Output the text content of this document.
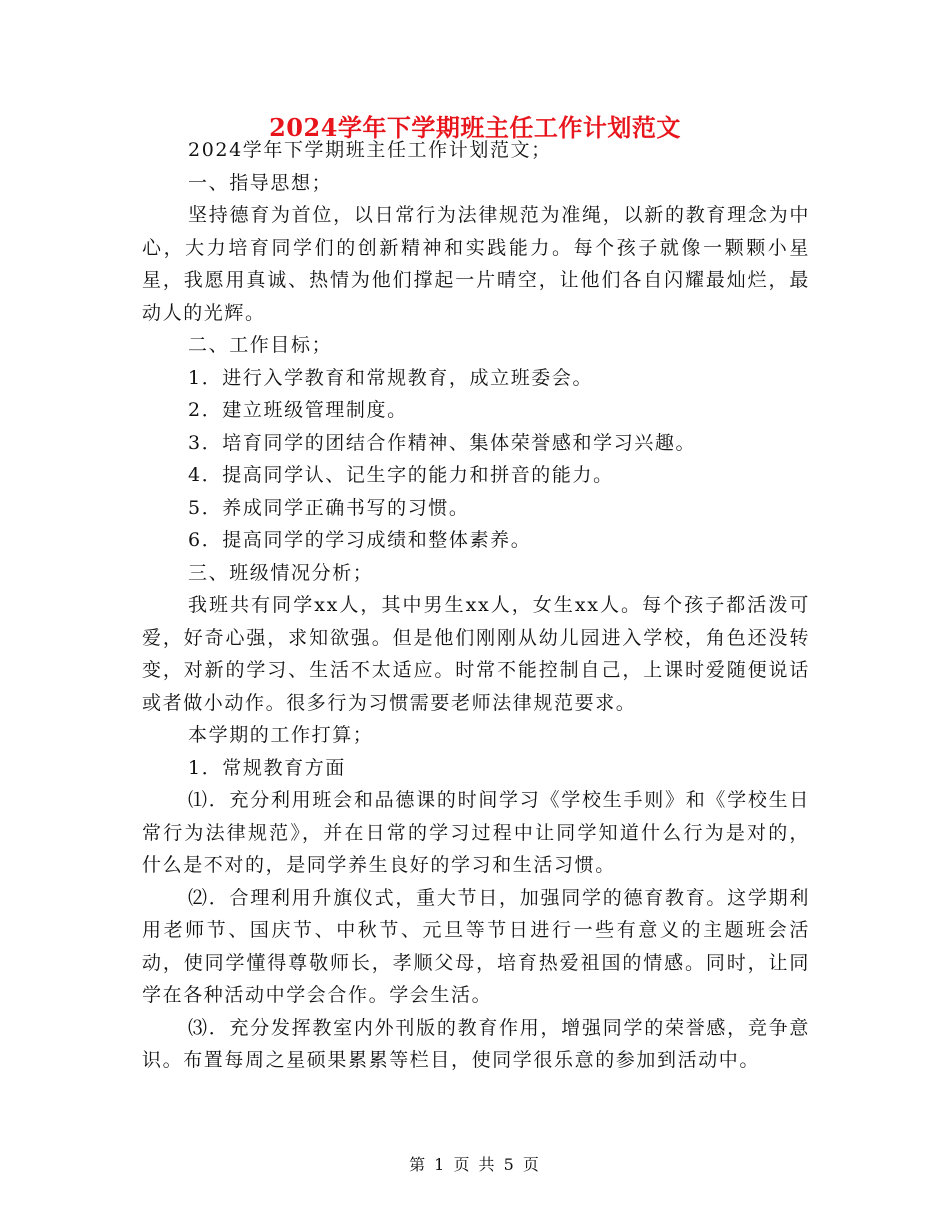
2024学年下学期班主任工作计划范文

2024学年下学期班主任工作计划范文；

一、指导思想；

坚持德育为首位，以日常行为法律规范为准绳，以新的教育理念为中心，大力培育同学们的创新精神和实践能力。每个孩子就像一颗颗小星星，我愿用真诚、热情为他们撑起一片晴空，让他们各自闪耀最灿烂，最动人的光辉。

二、工作目标；

1．进行入学教育和常规教育，成立班委会。

2．建立班级管理制度。

3．培育同学的团结合作精神、集体荣誉感和学习兴趣。

4．提高同学认、记生字的能力和拼音的能力。

5．养成同学正确书写的习惯。

6．提高同学的学习成绩和整体素养。

三、班级情况分析；

我班共有同学xx人，其中男生xx人，女生xx人。每个孩子都活泼可爱，好奇心强，求知欲强。但是他们刚刚从幼儿园进入学校，角色还没转变，对新的学习、生活不太适应。时常不能控制自己，上课时爱随便说话或者做小动作。很多行为习惯需要老师法律规范要求。

本学期的工作打算；

1．常规教育方面

⑴．充分利用班会和品德课的时间学习《学校生手则》和《学校生日常行为法律规范》，并在日常的学习过程中让同学知道什么行为是对的，什么是不对的，是同学养生良好的学习和生活习惯。

⑵．合理利用升旗仪式，重大节日，加强同学的德育教育。这学期利用老师节、国庆节、中秋节、元旦等节日进行一些有意义的主题班会活动，使同学懂得尊敬师长，孝顺父母，培育热爱祖国的情感。同时，让同学在各种活动中学会合作。学会生活。

⑶．充分发挥教室内外刊版的教育作用，增强同学的荣誉感，竞争意识。布置每周之星硕果累累等栏目，使同学很乐意的参加到活动中。

第 1 页 共 5 页
